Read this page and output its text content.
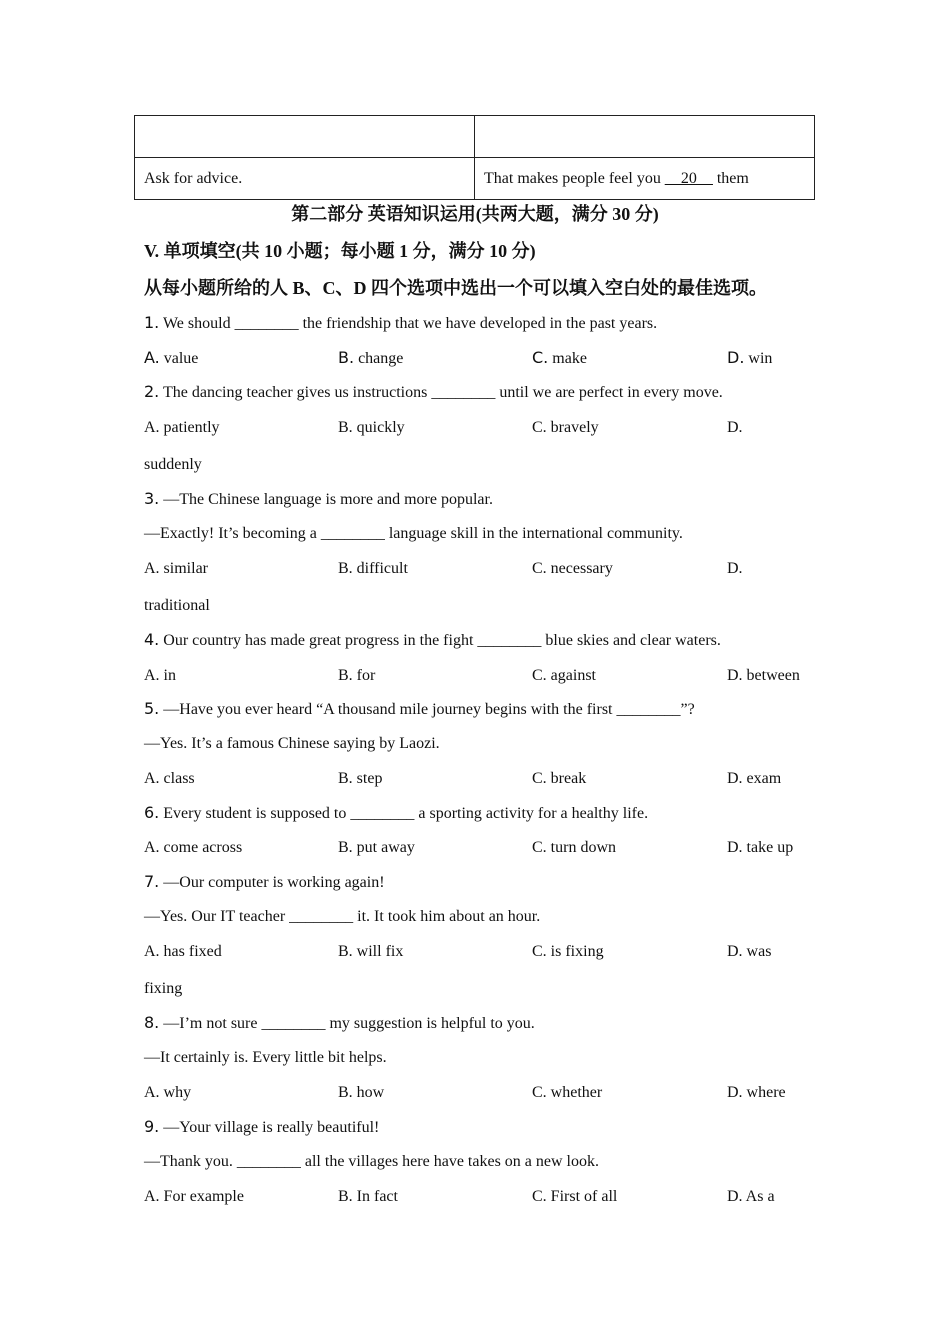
Ask for advice.	That makes people feel you __20__ them
第二部分 英语知识运用(共两大题，满分 30 分)
V. 单项填空(共 10 小题；每小题 1 分，满分 10 分)
从每小题所给的人 B、C、D 四个选项中选出一个可以填入空白处的最佳选项。
1. We should ________ the friendship that we have developed in the past years.
A. value	B. change	C. make	D. win
2. The dancing teacher gives us instructions ________ until we are perfect in every move.
A. patiently	B. quickly	C. bravely	D.
suddenly
3. —The Chinese language is more and more popular.
—Exactly! It’s becoming a ________ language skill in the international community.
A. similar	B. difficult	C. necessary	D.
traditional
4. Our country has made great progress in the fight ________ blue skies and clear waters.
A. in	B. for	C. against	D. between
5. —Have you ever heard “A thousand mile journey begins with the first ________”?
—Yes. It’s a famous Chinese saying by Laozi.
A. class	B. step	C. break	D. exam
6. Every student is supposed to ________ a sporting activity for a healthy life.
A. come across	B. put away	C. turn down	D. take up
7. —Our computer is working again!
—Yes. Our IT teacher ________ it. It took him about an hour.
A. has fixed	B. will fix	C. is fixing	D. was
fixing
8. —I’m not sure ________ my suggestion is helpful to you.
—It certainly is. Every little bit helps.
A. why	B. how	C. whether	D. where
9. —Your village is really beautiful!
—Thank you. ________ all the villages here have takes on a new look.
A. For example	B. In fact	C. First of all	D. As a
